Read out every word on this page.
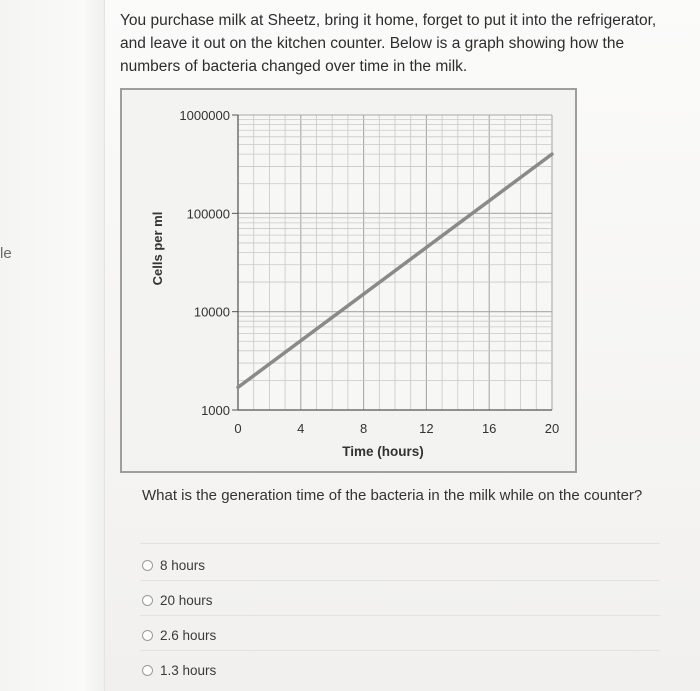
le
You purchase milk at Sheetz, bring it home, forget to put it into the refrigerator, and leave it out on the kitchen counter. Below is a graph showing how the numbers of bacteria changed over time in the milk.
0	4	8	12	16	20
1000
10000
100000
1000000
Time (hours)
Cells per ml
What is the generation time of the bacteria in the milk while on the counter?
8 hours
20 hours
2.6 hours
1.3 hours
